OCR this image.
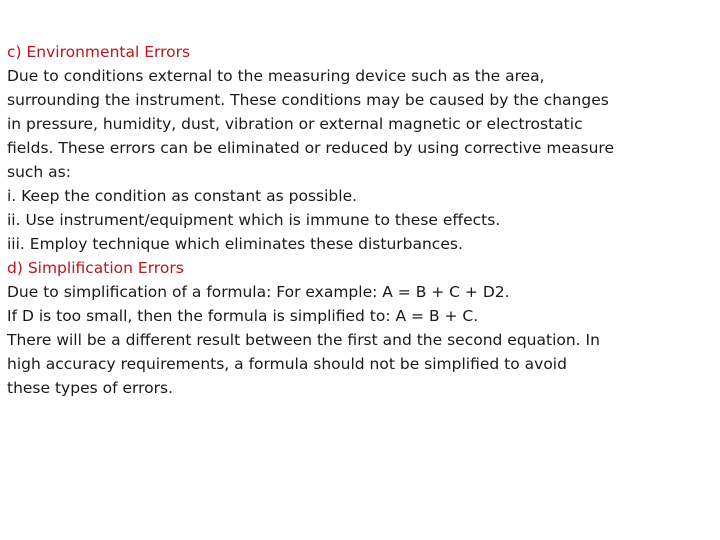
c) Environmental Errors
Due to conditions external to the measuring device such as the area,
surrounding the instrument. These conditions may be caused by the changes
in pressure, humidity, dust, vibration or external magnetic or electrostatic
fields. These errors can be eliminated or reduced by using corrective measure
such as:
i. Keep the condition as constant as possible.
ii. Use instrument/equipment which is immune to these effects.
iii. Employ technique which eliminates these disturbances.
d) Simplification Errors
Due to simplification of a formula: For example: A = B + C + D2.
If D is too small, then the formula is simplified to: A = B + C.
There will be a different result between the first and the second equation. In
high accuracy requirements, a formula should not be simplified to avoid
these types of errors.
